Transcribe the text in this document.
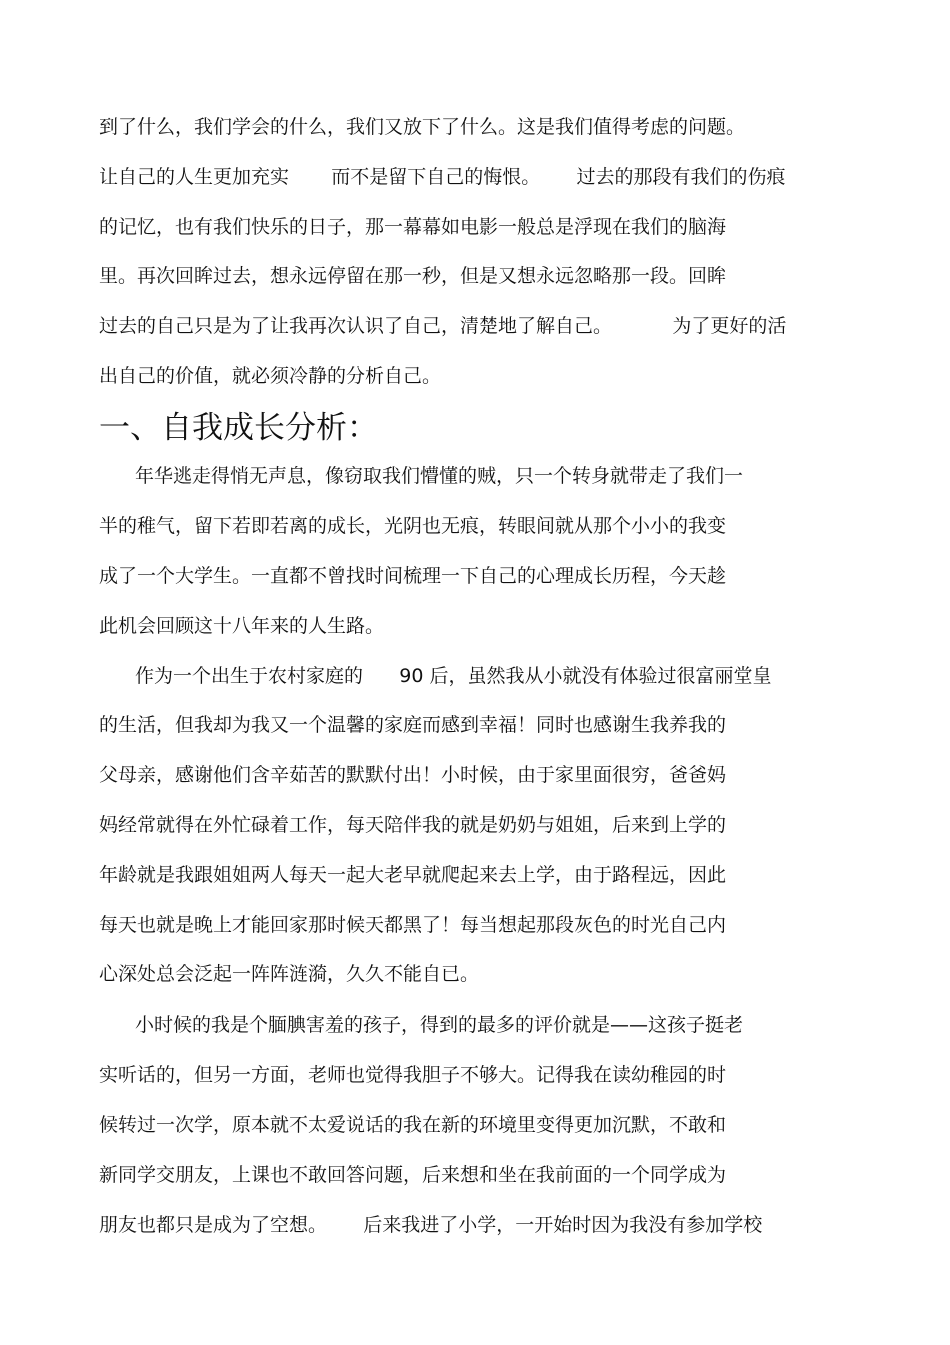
到了什么，我们学会的什么，我们又放下了什么。这是我们值得考虑的问题。
让自己的人生更加充实       而不是留下自己的悔恨。      过去的那段有我们的伤痕
的记忆，也有我们快乐的日子，那一幕幕如电影一般总是浮现在我们的脑海
里。再次回眸过去，想永远停留在那一秒，但是又想永远忽略那一段。回眸
过去的自己只是为了让我再次认识了自己，清楚地了解自己。          为了更好的活
出自己的价值，就必须冷静的分析自己。
一、自我成长分析：
年华逃走得悄无声息，像窃取我们懵懂的贼，只一个转身就带走了我们一
半的稚气，留下若即若离的成长，光阴也无痕，转眼间就从那个小小的我变
成了一个大学生。一直都不曾找时间梳理一下自己的心理成长历程，今天趁
此机会回顾这十八年来的人生路。
作为一个出生于农村家庭的      90 后，虽然我从小就没有体验过很富丽堂皇
的生活，但我却为我又一个温馨的家庭而感到幸福！同时也感谢生我养我的
父母亲，感谢他们含辛茹苦的默默付出！小时候，由于家里面很穷，爸爸妈
妈经常就得在外忙碌着工作，每天陪伴我的就是奶奶与姐姐，后来到上学的
年龄就是我跟姐姐两人每天一起大老早就爬起来去上学，由于路程远，因此
每天也就是晚上才能回家那时候天都黑了！每当想起那段灰色的时光自己内
心深处总会泛起一阵阵涟漪，久久不能自已。
小时候的我是个腼腆害羞的孩子，得到的最多的评价就是——这孩子挺老
实听话的，但另一方面，老师也觉得我胆子不够大。记得我在读幼稚园的时
候转过一次学，原本就不太爱说话的我在新的环境里变得更加沉默，不敢和
新同学交朋友，上课也不敢回答问题，后来想和坐在我前面的一个同学成为
朋友也都只是成为了空想。      后来我进了小学，一开始时因为我没有参加学校
